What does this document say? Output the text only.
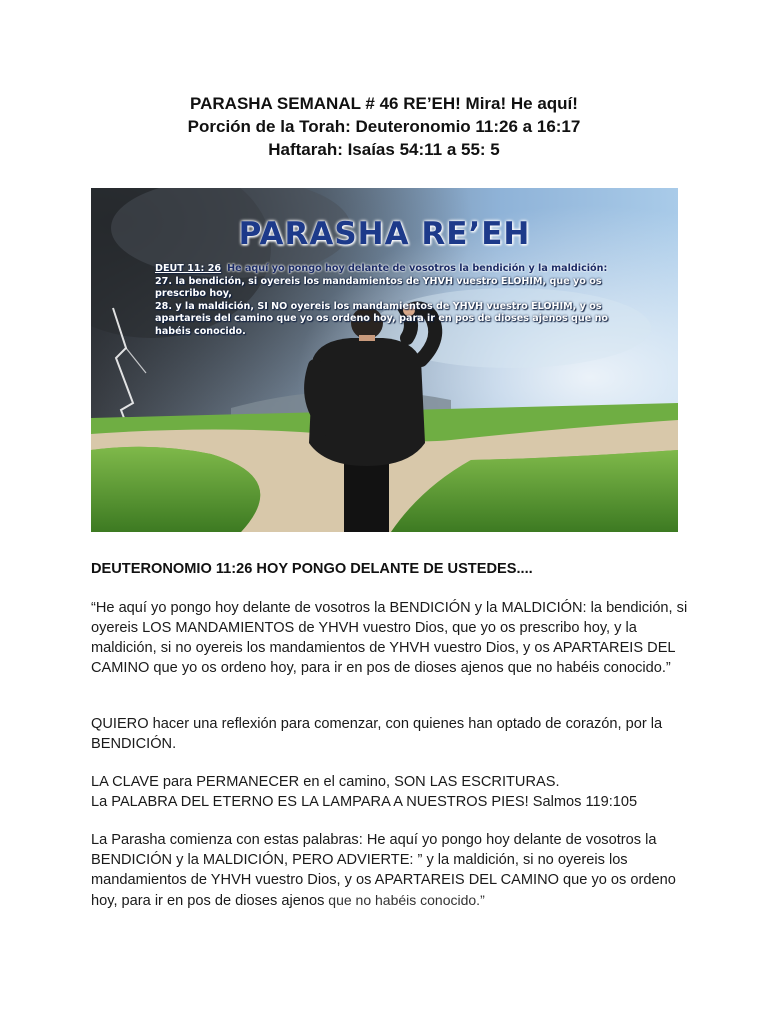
PARASHA SEMANAL # 46 RE’EH! Mira! He aquí!
Porción de la Torah: Deuteronomio 11:26 a 16:17
Haftarah: Isaías 54:11 a 55: 5
PARASHA RE’EH
DEUT 11: 26 He aquí yo pongo hoy delante de vosotros la bendición y la maldición:
27. la bendición, si oyereis los mandamientos de YHVH vuestro ELOHIM, que yo os prescribo hoy,
28. y la maldición, SI NO oyereis los mandamientos de YHVH vuestro ELOHIM, y os apartareis del camino que yo os ordeno hoy, para ir en pos de dioses ajenos que no habéis conocido.
DEUTERONOMIO 11:26 HOY PONGO DELANTE DE USTEDES....
“He aquí yo pongo hoy delante de vosotros la BENDICIÓN y la MALDICIÓN: la bendición, si oyereis LOS MANDAMIENTOS de YHVH vuestro Dios, que yo os prescribo hoy, y la maldición, si no oyereis los mandamientos de YHVH vuestro Dios, y os APARTAREIS DEL CAMINO que yo os ordeno hoy, para ir en pos de dioses ajenos que no habéis conocido.”
QUIERO hacer una reflexión para comenzar, con quienes han optado de corazón, por la BENDICIÓN.
LA CLAVE para PERMANECER en el camino, SON LAS ESCRITURAS.
La PALABRA DEL ETERNO ES LA LAMPARA A NUESTROS PIES! Salmos 119:105
La Parasha comienza con estas palabras: He aquí yo pongo hoy delante de vosotros la BENDICIÓN y la MALDICIÓN, PERO ADVIERTE: ” y la maldición, si no oyereis los mandamientos de YHVH vuestro Dios, y os APARTAREIS DEL CAMINO que yo os ordeno hoy, para ir en pos de dioses ajenos que no habéis conocido.”
